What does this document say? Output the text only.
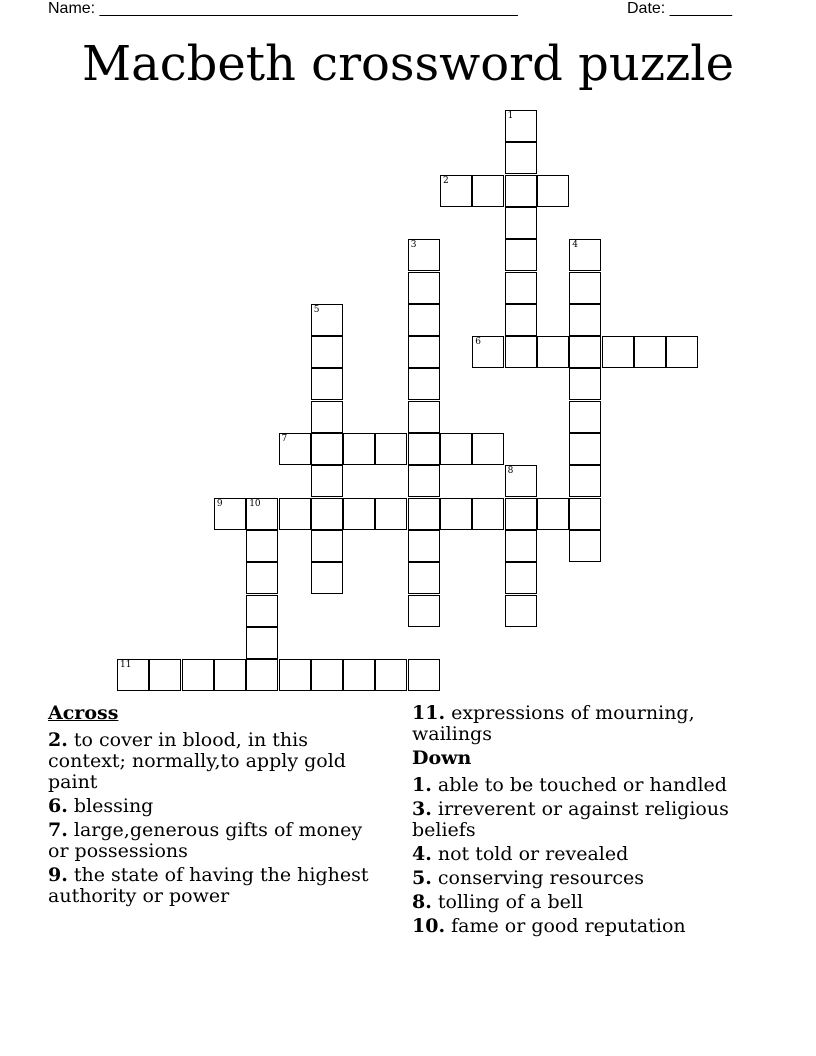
Name: _______________________________________________	Date: _______
Macbeth crossword puzzle
2
6
7
9	10
11
1
3	4
5
8
Across
2. to cover in blood, in this context; normally,to apply gold paint
6. blessing
7. large,generous gifts of money or possessions
9. the state of having the highest authority or power
11. expressions of mourning, wailings
Down
1. able to be touched or handled
3. irreverent or against religious beliefs
4. not told or revealed
5. conserving resources
8. tolling of a bell
10. fame or good reputation
